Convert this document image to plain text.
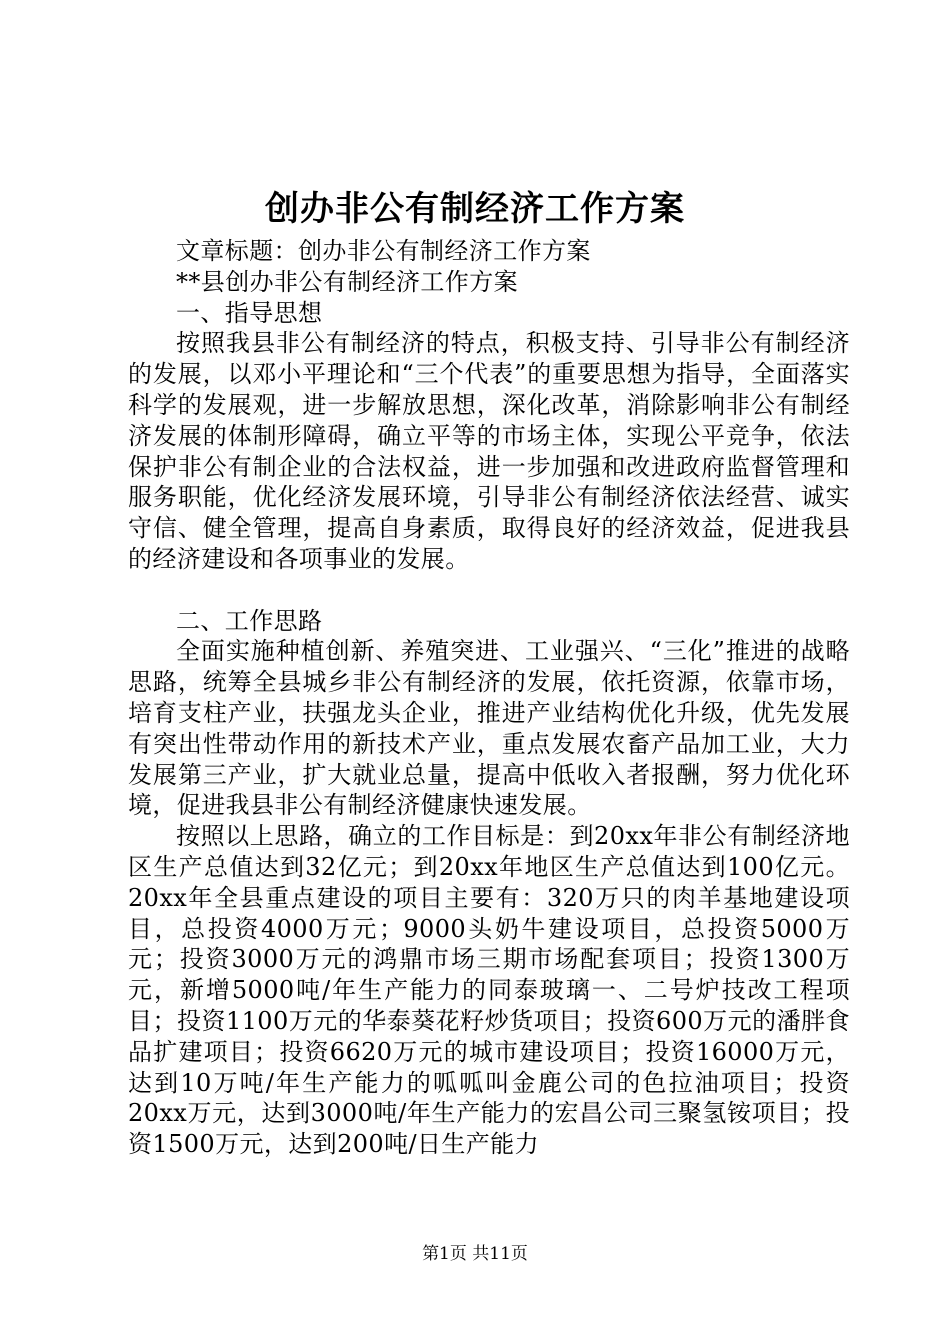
创办非公有制经济工作方案

文章标题：创办非公有制经济工作方案

**县创办非公有制经济工作方案

一、指导思想

按照我县非公有制经济的特点，积极支持、引导非公有制经济的发展，以邓小平理论和“三个代表”的重要思想为指导，全面落实科学的发展观，进一步解放思想，深化改革，消除影响非公有制经济发展的体制形障碍，确立平等的市场主体，实现公平竞争，依法保护非公有制企业的合法权益，进一步加强和改进政府监督管理和服务职能，优化经济发展环境，引导非公有制经济依法经营、诚实守信、健全管理，提高自身素质，取得良好的经济效益，促进我县的经济建设和各项事业的发展。

二、工作思路

全面实施种植创新、养殖突进、工业强兴、“三化”推进的战略思路，统筹全县城乡非公有制经济的发展，依托资源，依靠市场，培育支柱产业，扶强龙头企业，推进产业结构优化升级，优先发展有突出性带动作用的新技术产业，重点发展农畜产品加工业，大力发展第三产业，扩大就业总量，提高中低收入者报酬，努力优化环境，促进我县非公有制经济健康快速发展。

按照以上思路，确立的工作目标是：到20xx年非公有制经济地区生产总值达到32亿元；到20xx年地区生产总值达到100亿元。20xx年全县重点建设的项目主要有：320万只的肉羊基地建设项目，总投资4000万元；9000头奶牛建设项目，总投资5000万元；投资3000万元的鸿鼎市场三期市场配套项目；投资1300万元，新增5000吨/年生产能力的同泰玻璃一、二号炉技改工程项目；投资1100万元的华泰葵花籽炒货项目；投资600万元的潘胖食品扩建项目；投资6620万元的城市建设项目；投资16000万元，达到10万吨/年生产能力的呱呱叫金鹿公司的色拉油项目；投资20xx万元，达到3000吨/年生产能力的宏昌公司三聚氢铵项目；投资1500万元，达到200吨/日生产能力

第1页 共11页
